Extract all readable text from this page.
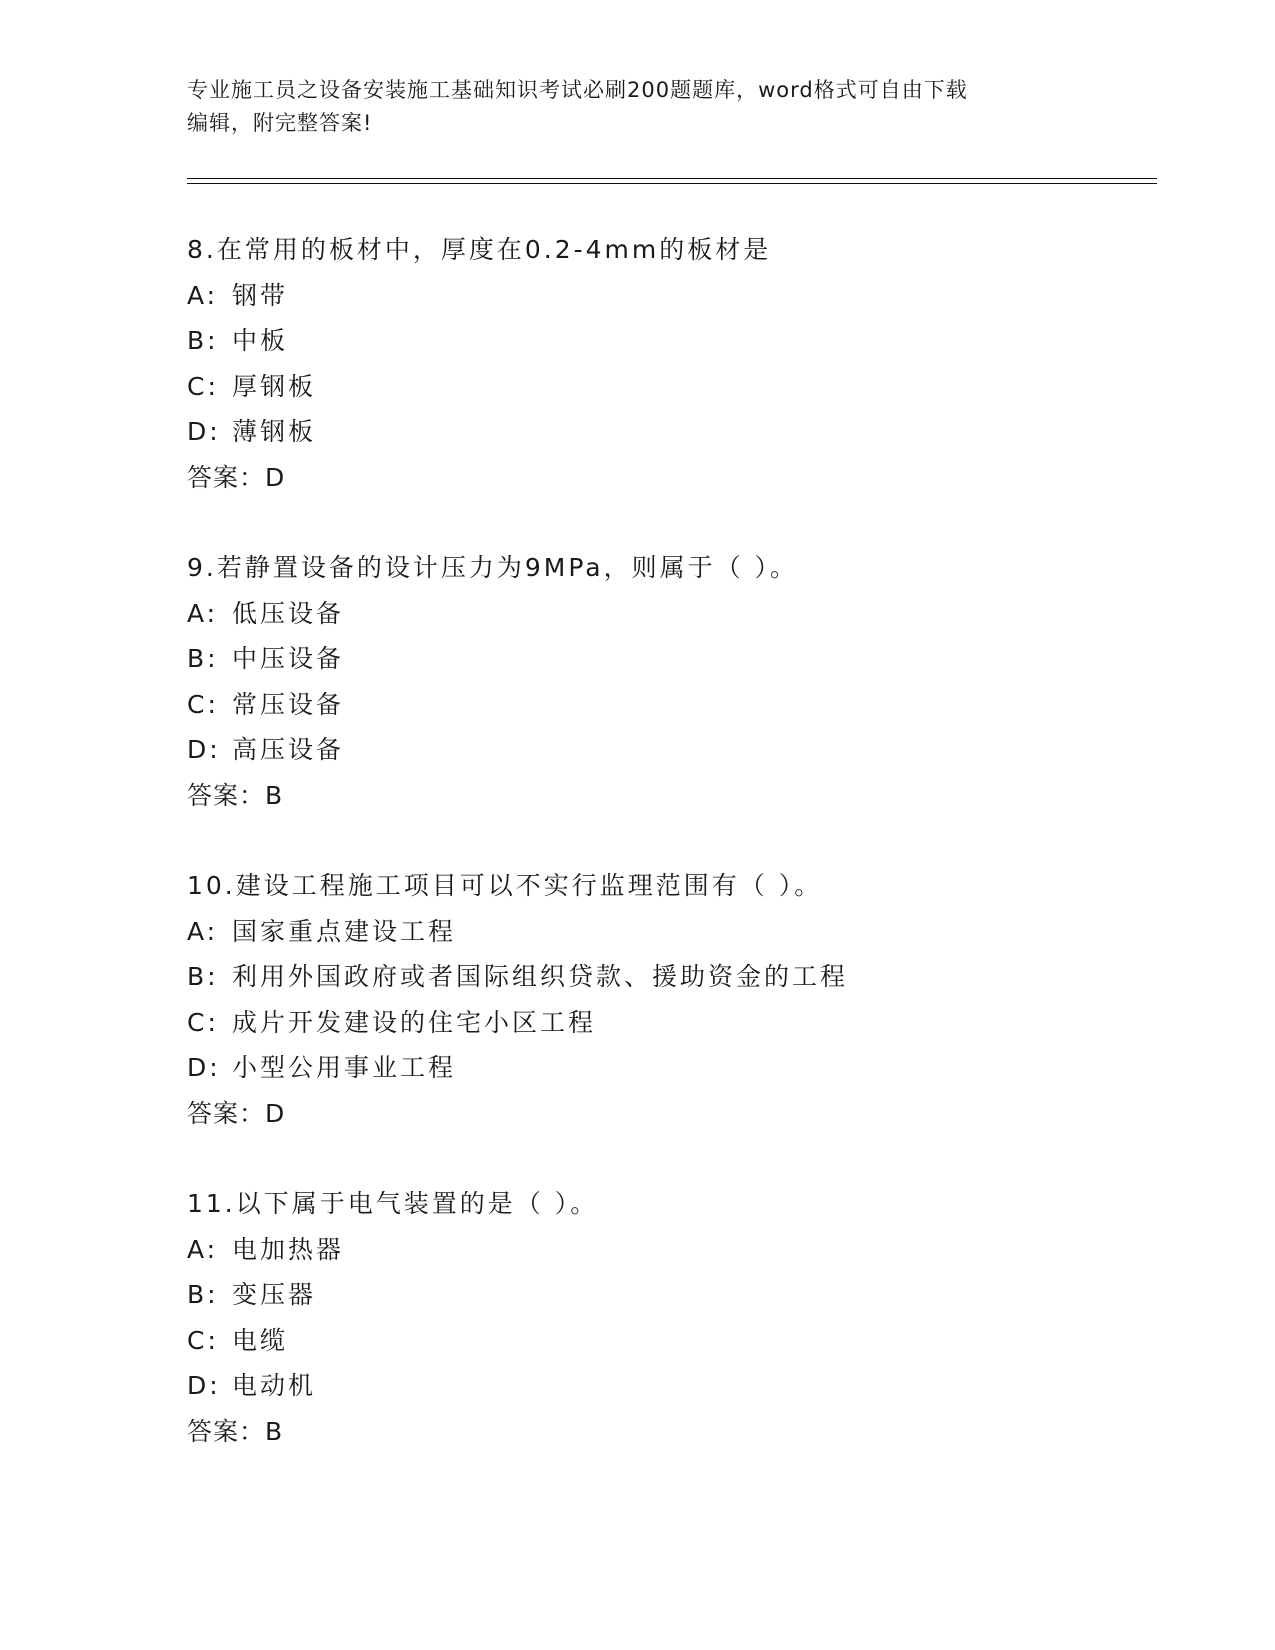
专业施工员之设备安装施工基础知识考试必刷200题题库，word格式可自由下载
编辑，附完整答案!
8.在常用的板材中，厚度在0.2-4mm的板材是
A: 钢带
B: 中板
C: 厚钢板
D: 薄钢板
答案：D
9.若静置设备的设计压力为9MPa，则属于（ ）。
A: 低压设备
B: 中压设备
C: 常压设备
D: 高压设备
答案：B
10.建设工程施工项目可以不实行监理范围有（ ）。
A: 国家重点建设工程
B: 利用外国政府或者国际组织贷款、援助资金的工程
C: 成片开发建设的住宅小区工程
D: 小型公用事业工程
答案：D
11.以下属于电气装置的是（ ）。
A: 电加热器
B: 变压器
C: 电缆
D: 电动机
答案：B
